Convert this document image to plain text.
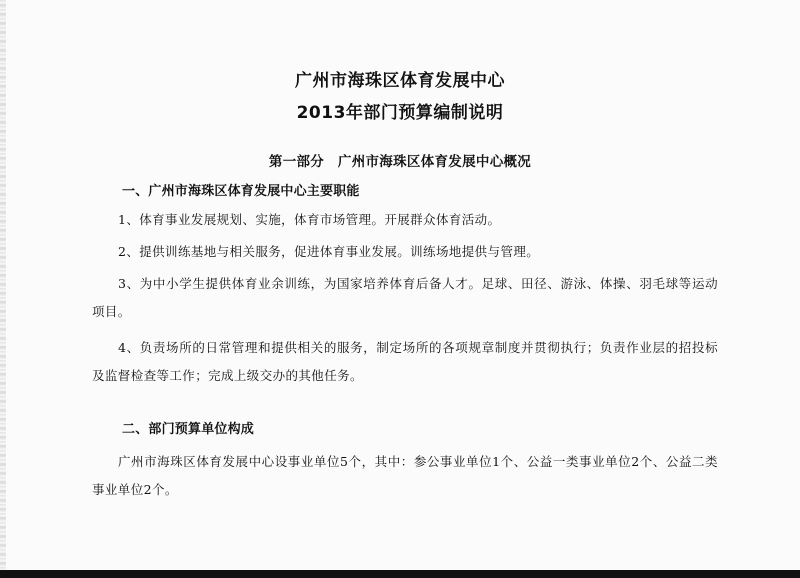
广州市海珠区体育发展中心
2013年部门预算编制说明
第一部分　广州市海珠区体育发展中心概况
一、广州市海珠区体育发展中心主要职能

1、体育事业发展规划、实施，体育市场管理。开展群众体育活动。

2、提供训练基地与相关服务，促进体育事业发展。训练场地提供与管理。

3、为中小学生提供体育业余训练，为国家培养体育后备人才。足球、田径、游泳、体操、羽毛球等运动项目。

4、负责场所的日常管理和提供相关的服务，制定场所的各项规章制度并贯彻执行；负责作业层的招投标及监督检查等工作；完成上级交办的其他任务。

二、部门预算单位构成

广州市海珠区体育发展中心设事业单位5个，其中：参公事业单位1个、公益一类事业单位2个、公益二类事业单位2个。
